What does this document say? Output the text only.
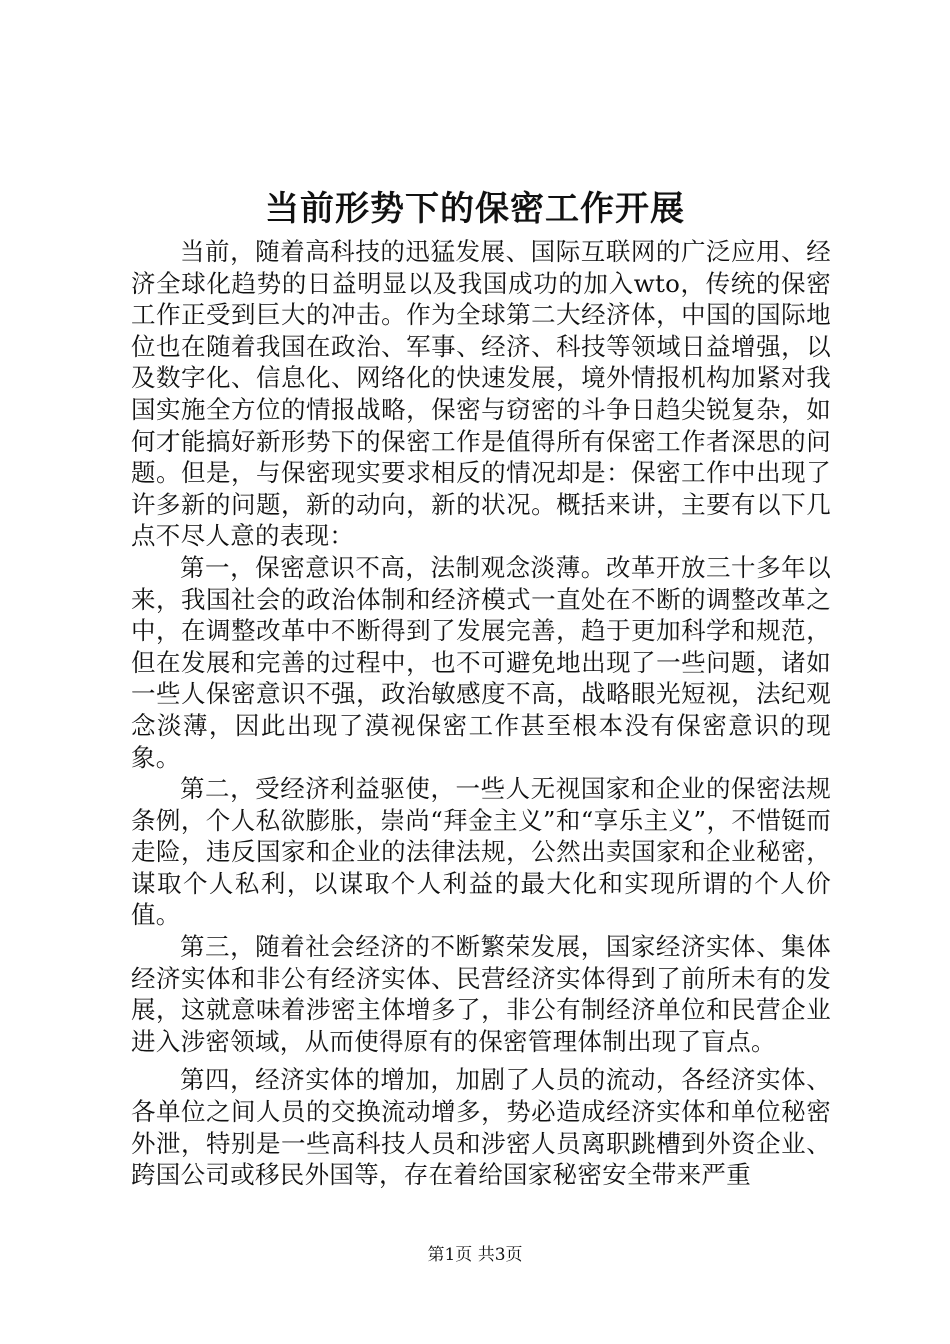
当前形势下的保密工作开展

当前，随着高科技的迅猛发展、国际互联网的广泛应用、经济全球化趋势的日益明显以及我国成功的加入wto，传统的保密工作正受到巨大的冲击。作为全球第二大经济体，中国的国际地位也在随着我国在政治、军事、经济、科技等领域日益增强，以及数字化、信息化、网络化的快速发展，境外情报机构加紧对我国实施全方位的情报战略，保密与窃密的斗争日趋尖锐复杂，如何才能搞好新形势下的保密工作是值得所有保密工作者深思的问题。但是，与保密现实要求相反的情况却是：保密工作中出现了许多新的问题，新的动向，新的状况。概括来讲，主要有以下几点不尽人意的表现：

第一，保密意识不高，法制观念淡薄。改革开放三十多年以来，我国社会的政治体制和经济模式一直处在不断的调整改革之中，在调整改革中不断得到了发展完善，趋于更加科学和规范，但在发展和完善的过程中，也不可避免地出现了一些问题，诸如一些人保密意识不强，政治敏感度不高，战略眼光短视，法纪观念淡薄，因此出现了漠视保密工作甚至根本没有保密意识的现象。

第二，受经济利益驱使，一些人无视国家和企业的保密法规条例，个人私欲膨胀，崇尚“拜金主义”和“享乐主义”，不惜铤而走险，违反国家和企业的法律法规，公然出卖国家和企业秘密，谋取个人私利，以谋取个人利益的最大化和实现所谓的个人价值。

第三，随着社会经济的不断繁荣发展，国家经济实体、集体经济实体和非公有经济实体、民营经济实体得到了前所未有的发展，这就意味着涉密主体增多了，非公有制经济单位和民营企业进入涉密领域，从而使得原有的保密管理体制出现了盲点。

第四，经济实体的增加，加剧了人员的流动，各经济实体、各单位之间人员的交换流动增多，势必造成经济实体和单位秘密外泄，特别是一些高科技人员和涉密人员离职跳槽到外资企业、跨国公司或移民外国等，存在着给国家秘密安全带来严重

第1页 共3页
